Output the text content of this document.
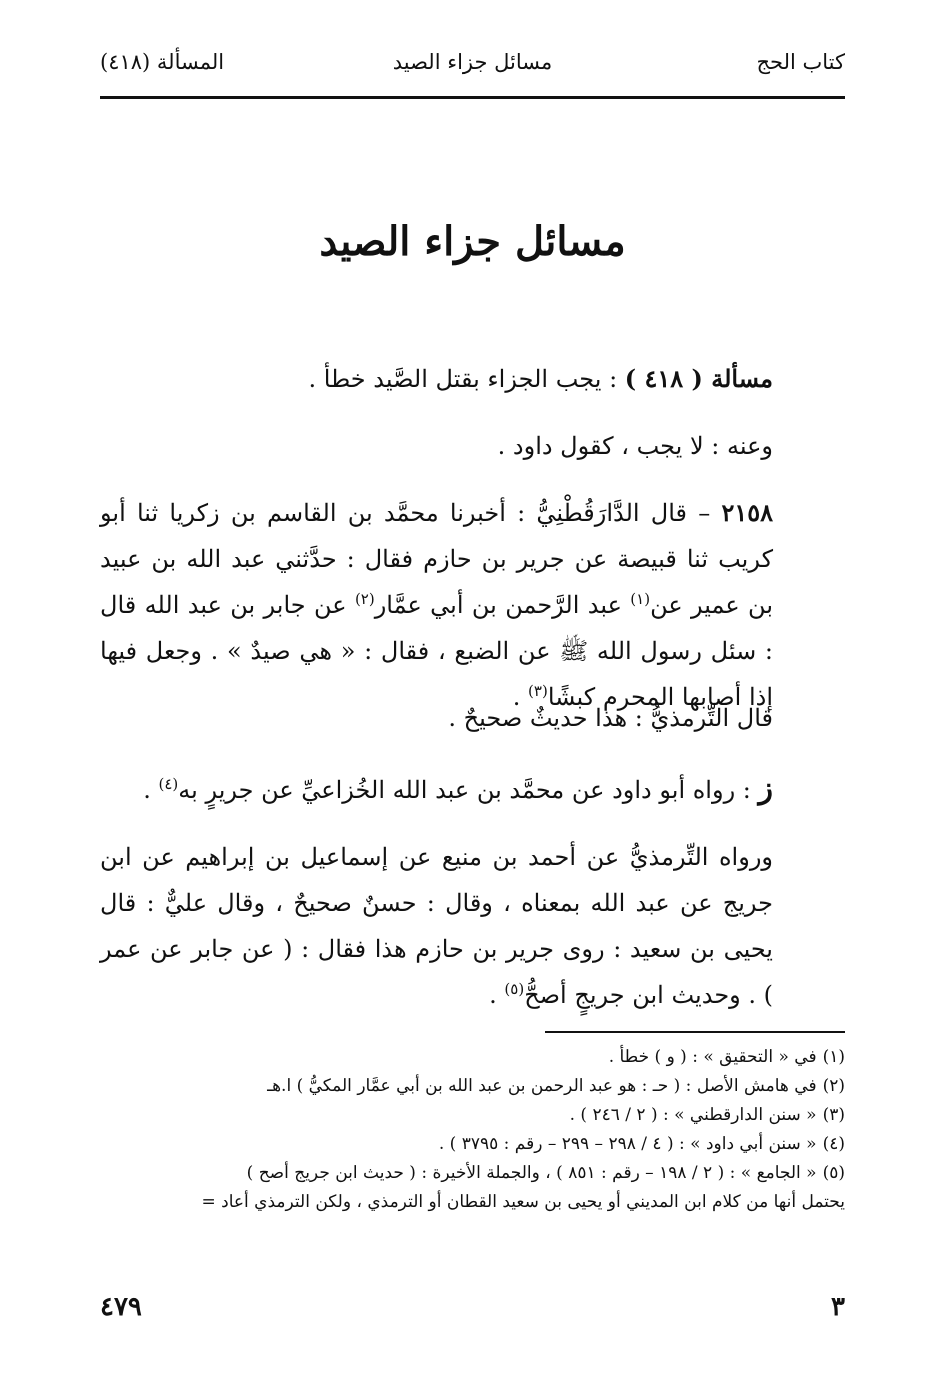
كتاب الحج
مسائل جزاء الصيد
المسألة (٤١٨)
مسائل جزاء الصيد
مسألة ( ٤١٨ ) : يجب الجزاء بقتل الصَّيد خطأ .
وعنه : لا يجب ، كقول داود .
٢١٥٨ – قال الدَّارَقُطْنِيُّ : أخبرنا محمَّد بن القاسم بن زكريا ثنا أبو كريب ثنا قبيصة عن جرير بن حازم فقال : حدَّثني عبد الله بن عبيد بن عمير عن$^{(١)}$ عبد الرَّحمن بن أبي عمَّار$^{(٢)}$ عن جابر بن عبد الله قال : سئل رسول الله ﷺ عن الضبع ، فقال : « هي صيدٌ » . وجعل فيها إذا أصابها المحرم كبشًا$^{(٣)}$ .
قال التِّرمذيُّ : هذا حديثٌ صحيحٌ .
ز : رواه أبو داود عن محمَّد بن عبد الله الخُزاعيِّ عن جريرٍ به$^{(٤)}$ .
ورواه التِّرمذيُّ عن أحمد بن منيع عن إسماعيل بن إبراهيم عن ابن جريج عن عبد الله بمعناه ، وقال : حسنٌ صحيحٌ ، وقال عليٌّ : قال يحيى بن سعيد : روى جرير بن حازم هذا فقال : ( عن جابر عن عمر ) . وحديث ابن جريجٍ أصحُّ$^{(٥)}$ .
(١)في « التحقيق » : ( و ) خطأ .
(٢)في هامش الأصل : ( حـ : هو عبد الرحمن بن عبد الله بن أبي عمَّار المكيُّ ) ا.هـ
(٣)« سنن الدارقطني » : ( ٢ / ٢٤٦ ) .
(٤)« سنن أبي داود » : ( ٤ / ٢٩٨ – ٢٩٩ – رقم : ٣٧٩٥ ) .
(٥)« الجامع » : ( ٢ / ١٩٨ – رقم : ٨٥١ ) ، والجملة الأخيرة : ( حديث ابن جريج أصح )
يحتمل أنها من كلام ابن المديني أو يحيى بن سعيد القطان أو الترمذي ، ولكن الترمذي أعاد =
٣
٤٧٩
